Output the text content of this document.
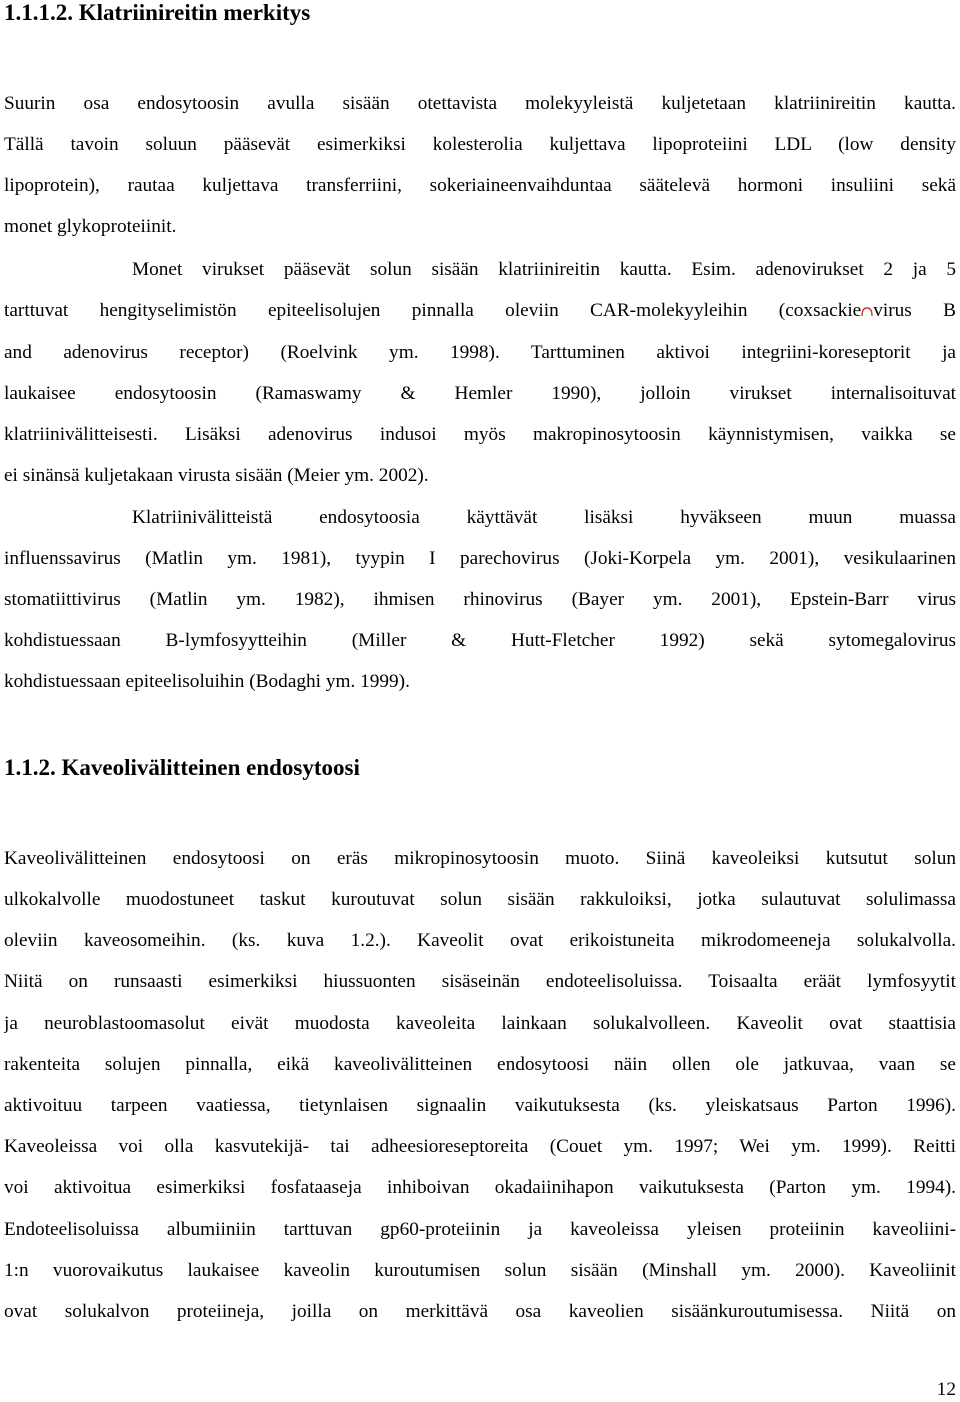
1.1.1.2. Klatriinireitin merkitys
Suurin osa endosytoosin avulla sisään otettavista molekyyleistä kuljetetaan klatriinireitin kautta.
Tällä tavoin soluun pääsevät esimerkiksi kolesterolia kuljettava lipoproteiini LDL (low density
lipoprotein), rautaa kuljettava transferriini, sokeriaineenvaihduntaa säätelevä hormoni insuliini sekä
monet glykoproteiinit.
Monet virukset pääsevät solun sisään klatriinireitin kautta. Esim. adenovirukset 2 ja 5
tarttuvat hengityselimistön epiteelisolujen pinnalla oleviin CAR-molekyyleihin (coxsackie virus B
and adenovirus receptor) (Roelvink ym. 1998). Tarttuminen aktivoi integriini-koreseptorit ja
laukaisee endosytoosin (Ramaswamy & Hemler 1990), jolloin virukset internalisoituvat
klatriinivälitteisesti. Lisäksi adenovirus indusoi myös makropinosytoosin käynnistymisen, vaikka se
ei sinänsä kuljetakaan virusta sisään (Meier ym. 2002).
Klatriinivälitteistä endosytoosia käyttävät lisäksi hyväkseen muun muassa
influenssavirus (Matlin ym. 1981), tyypin I parechovirus (Joki-Korpela ym. 2001), vesikulaarinen
stomatiittivirus (Matlin ym. 1982), ihmisen rhinovirus (Bayer ym. 2001), Epstein-Barr virus
kohdistuessaan B-lymfosyytteihin (Miller & Hutt-Fletcher 1992) sekä sytomegalovirus
kohdistuessaan epiteelisoluihin (Bodaghi ym. 1999).
1.1.2. Kaveolivälitteinen endosytoosi
Kaveolivälitteinen endosytoosi on eräs mikropinosytoosin muoto. Siinä kaveoleiksi kutsutut solun
ulkokalvolle muodostuneet taskut kuroutuvat solun sisään rakkuloiksi, jotka sulautuvat solulimassa
oleviin kaveosomeihin. (ks. kuva 1.2.). Kaveolit ovat erikoistuneita mikrodomeeneja solukalvolla.
Niitä on runsaasti esimerkiksi hiussuonten sisäseinän endoteelisoluissa. Toisaalta eräät lymfosyytit
ja neuroblastoomasolut eivät muodosta kaveoleita lainkaan solukalvolleen. Kaveolit ovat staattisia
rakenteita solujen pinnalla, eikä kaveolivälitteinen endosytoosi näin ollen ole jatkuvaa, vaan se
aktivoituu tarpeen vaatiessa, tietynlaisen signaalin vaikutuksesta (ks. yleiskatsaus Parton 1996).
Kaveoleissa voi olla kasvutekijä- tai adheesioreseptoreita (Couet ym. 1997; Wei ym. 1999). Reitti
voi aktivoitua esimerkiksi fosfataaseja inhiboivan okadaiinihapon vaikutuksesta (Parton ym. 1994).
Endoteelisoluissa albumiiniin tarttuvan gp60-proteiinin ja kaveoleissa yleisen proteiinin kaveoliini-
1:n vuorovaikutus laukaisee kaveolin kuroutumisen solun sisään (Minshall ym. 2000). Kaveoliinit
ovat solukalvon proteiineja, joilla on merkittävä osa kaveolien sisäänkuroutumisessa. Niitä on
12
